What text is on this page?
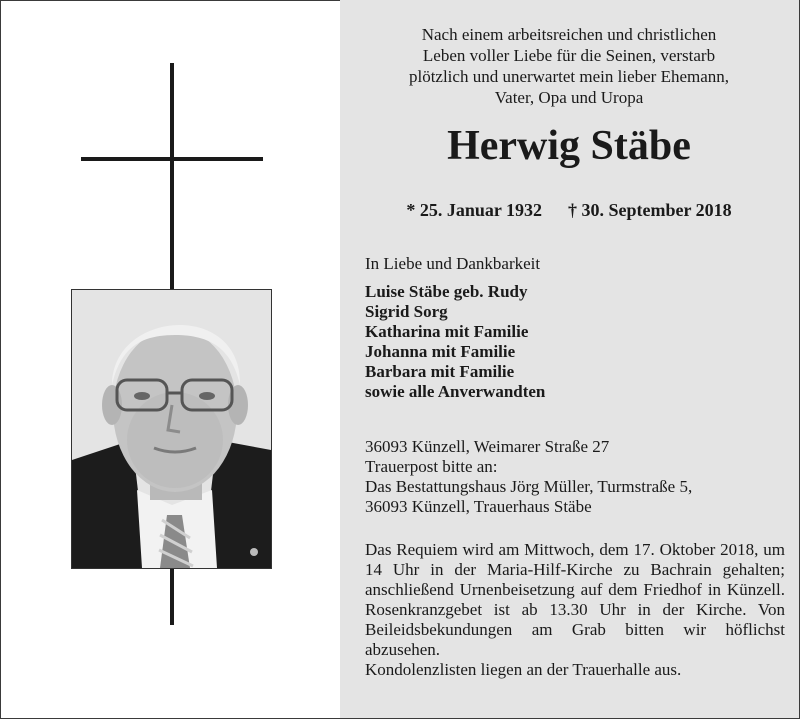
Nach einem arbeitsreichen und christlichen
Leben voller Liebe für die Seinen, verstarb
plötzlich und unerwartet mein lieber Ehemann,
Vater, Opa und Uropa
Herwig Stäbe
* 25. Januar 1932 † 30. September 2018
In Liebe und Dankbarkeit
Luise Stäbe geb. Rudy
Sigrid Sorg
Katharina mit Familie
Johanna mit Familie
Barbara mit Familie
sowie alle Anverwandten
36093 Künzell, Weimarer Straße 27
Trauerpost bitte an:
Das Bestattungshaus Jörg Müller, Turmstraße 5,
36093 Künzell, Trauerhaus Stäbe
Das Requiem wird am Mittwoch, dem 17. Oktober 2018, um 14 Uhr in der Maria-Hilf-Kirche zu Bachrain gehalten; anschließend Urnenbeisetzung auf dem Friedhof in Künzell. Rosenkranzgebet ist ab 13.30 Uhr in der Kirche. Von Beileidsbekundungen am Grab bitten wir höflichst abzusehen.
Kondolenzlisten liegen an der Trauerhalle aus.
